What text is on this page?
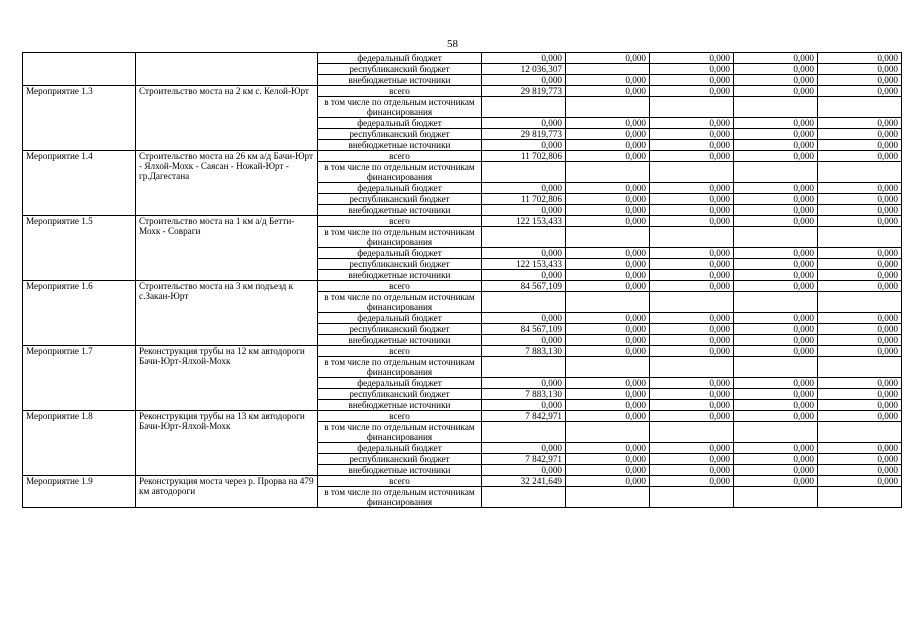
58
		федеральный бюджет	0,000	0,000	0,000	0,000	0,000
		республиканский бюджет	12 036,307		0,000	0,000	0,000
		внебюджетные источники	0,000	0,000	0,000	0,000	0,000
Мероприятие 1.3	Строительство моста на 2 км с. Келой-Юрт	всего	29 819,773	0,000	0,000	0,000	0,000
		в том числе по отдельным источникам финансирования					
		федеральный бюджет	0,000	0,000	0,000	0,000	0,000
		республиканский бюджет	29 819,773	0,000	0,000	0,000	0,000
		внебюджетные источники	0,000	0,000	0,000	0,000	0,000
Мероприятие 1.4	Строительство моста на 26 км а/д Бачи-Юрт - Ялхой-Мохк - Саясан - Ножай-Юрт - гр.Дагестана	всего	11 702,806	0,000	0,000	0,000	0,000
		в том числе по отдельным источникам финансирования					
		федеральный бюджет	0,000	0,000	0,000	0,000	0,000
		республиканский бюджет	11 702,806	0,000	0,000	0,000	0,000
		внебюджетные источники	0,000	0,000	0,000	0,000	0,000
Мероприятие 1.5	Строительство моста на 1 км а/д Бетти-Мохк - Совраги	всего	122 153,433	0,000	0,000	0,000	0,000
		в том числе по отдельным источникам финансирования					
		федеральный бюджет	0,000	0,000	0,000	0,000	0,000
		республиканский бюджет	122 153,433	0,000	0,000	0,000	0,000
		внебюджетные источники	0,000	0,000	0,000	0,000	0,000
Мероприятие 1.6	Строительство моста на 3 км подъезд к с.Закан-Юрт	всего	84 567,109	0,000	0,000	0,000	0,000
		в том числе по отдельным источникам финансирования					
		федеральный бюджет	0,000	0,000	0,000	0,000	0,000
		республиканский бюджет	84 567,109	0,000	0,000	0,000	0,000
		внебюджетные источники	0,000	0,000	0,000	0,000	0,000
Мероприятие 1.7	Реконструкция трубы на 12 км автодороги Бачи-Юрт-Ялхой-Мохк	всего	7 883,130	0,000	0,000	0,000	0,000
		в том числе по отдельным источникам финансирования					
		федеральный бюджет	0,000	0,000	0,000	0,000	0,000
		республиканский бюджет	7 883,130	0,000	0,000	0,000	0,000
		внебюджетные источники	0,000	0,000	0,000	0,000	0,000
Мероприятие 1.8	Реконструкция трубы на 13 км автодороги Бачи-Юрт-Ялхой-Мохк	всего	7 842,971	0,000	0,000	0,000	0,000
		в том числе по отдельным источникам финансирования					
		федеральный бюджет	0,000	0,000	0,000	0,000	0,000
		республиканский бюджет	7 842,971	0,000	0,000	0,000	0,000
		внебюджетные источники	0,000	0,000	0,000	0,000	0,000
Мероприятие 1.9	Реконструкция моста через р. Прорва на 479 км автодороги	всего	32 241,649	0,000	0,000	0,000	0,000
		в том числе по отдельным источникам финансирования					
